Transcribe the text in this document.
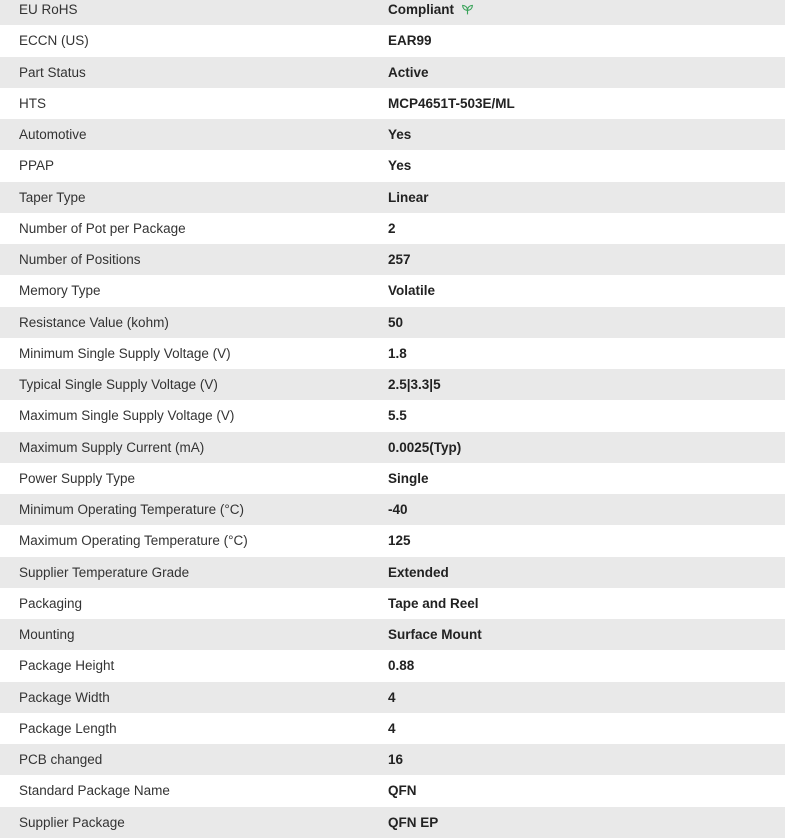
EU RoHS	Compliant
ECCN (US)	EAR99
Part Status	Active
HTS	MCP4651T-503E/ML
Automotive	Yes
PPAP	Yes
Taper Type	Linear
Number of Pot per Package	2
Number of Positions	257
Memory Type	Volatile
Resistance Value (kohm)	50
Minimum Single Supply Voltage (V)	1.8
Typical Single Supply Voltage (V)	2.5|3.3|5
Maximum Single Supply Voltage (V)	5.5
Maximum Supply Current (mA)	0.0025(Typ)
Power Supply Type	Single
Minimum Operating Temperature (°C)	-40
Maximum Operating Temperature (°C)	125
Supplier Temperature Grade	Extended
Packaging	Tape and Reel
Mounting	Surface Mount
Package Height	0.88
Package Width	4
Package Length	4
PCB changed	16
Standard Package Name	QFN
Supplier Package	QFN EP
